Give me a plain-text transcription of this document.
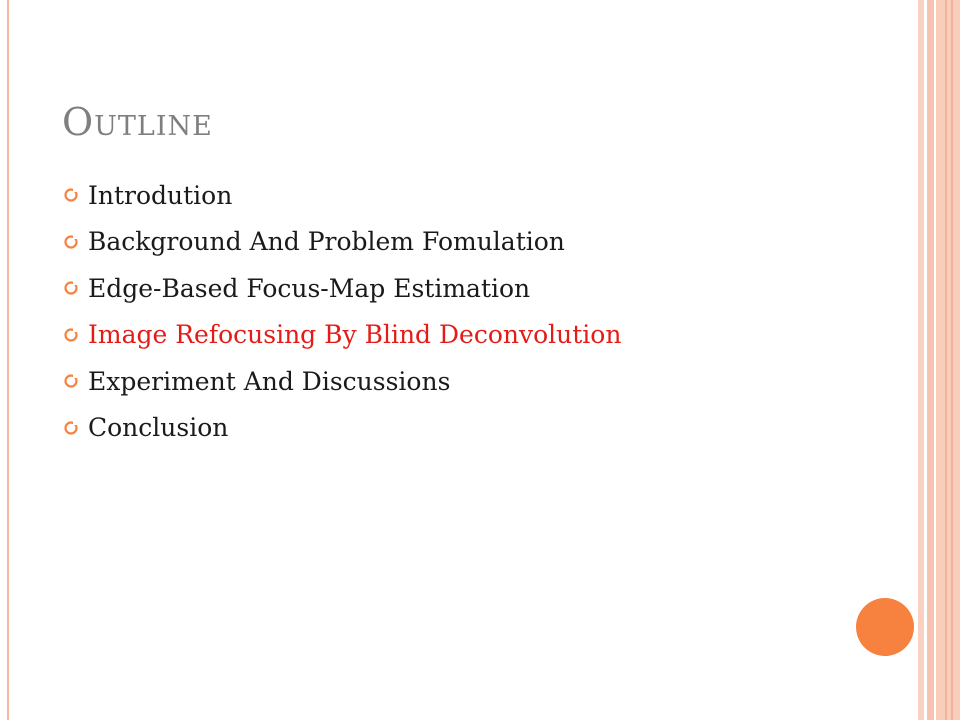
Outline
Introdution
Background And Problem Fomulation
Edge-Based Focus-Map Estimation
Image Refocusing By Blind Deconvolution
Experiment And Discussions
Conclusion
